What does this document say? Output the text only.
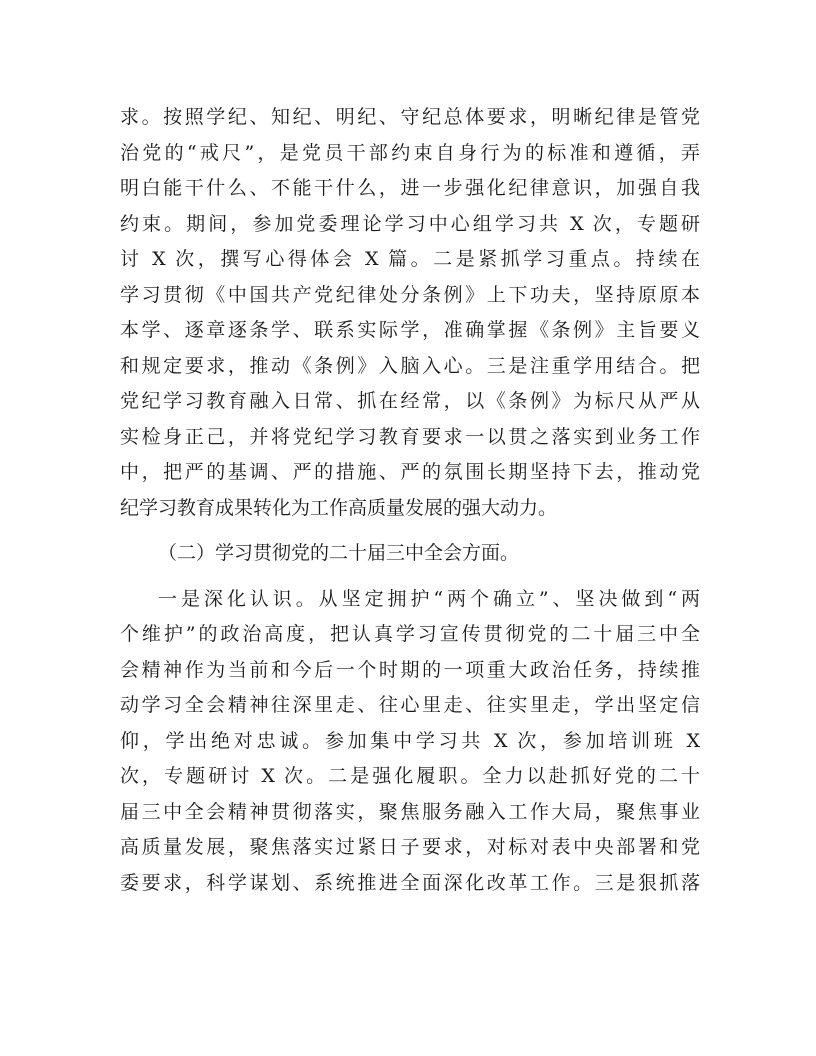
求。按照学纪、知纪、明纪、守纪总体要求，明晰纪律是管党
治党的“戒尺”，是党员干部约束自身行为的标准和遵循，弄
明白能干什么、不能干什么，进一步强化纪律意识，加强自我
约束。期间，参加党委理论学习中心组学习共 X 次，专题研
讨 X 次，撰写心得体会 X 篇。二是紧抓学习重点。持续在
学习贯彻《中国共产党纪律处分条例》上下功夫，坚持原原本
本学、逐章逐条学、联系实际学，准确掌握《条例》主旨要义
和规定要求，推动《条例》入脑入心。三是注重学用结合。把
党纪学习教育融入日常、抓在经常，以《条例》为标尺从严从
实检身正己，并将党纪学习教育要求一以贯之落实到业务工作
中，把严的基调、严的措施、严的氛围长期坚持下去，推动党
纪学习教育成果转化为工作高质量发展的强大动力。
（二）学习贯彻党的二十届三中全会方面。
一是深化认识。从坚定拥护“两个确立”、坚决做到“两
个维护”的政治高度，把认真学习宣传贯彻党的二十届三中全
会精神作为当前和今后一个时期的一项重大政治任务，持续推
动学习全会精神往深里走、往心里走、往实里走，学出坚定信
仰，学出绝对忠诚。参加集中学习共 X 次，参加培训班 X
次，专题研讨 X 次。二是强化履职。全力以赴抓好党的二十
届三中全会精神贯彻落实，聚焦服务融入工作大局，聚焦事业
高质量发展，聚焦落实过紧日子要求，对标对表中央部署和党
委要求，科学谋划、系统推进全面深化改革工作。三是狠抓落
